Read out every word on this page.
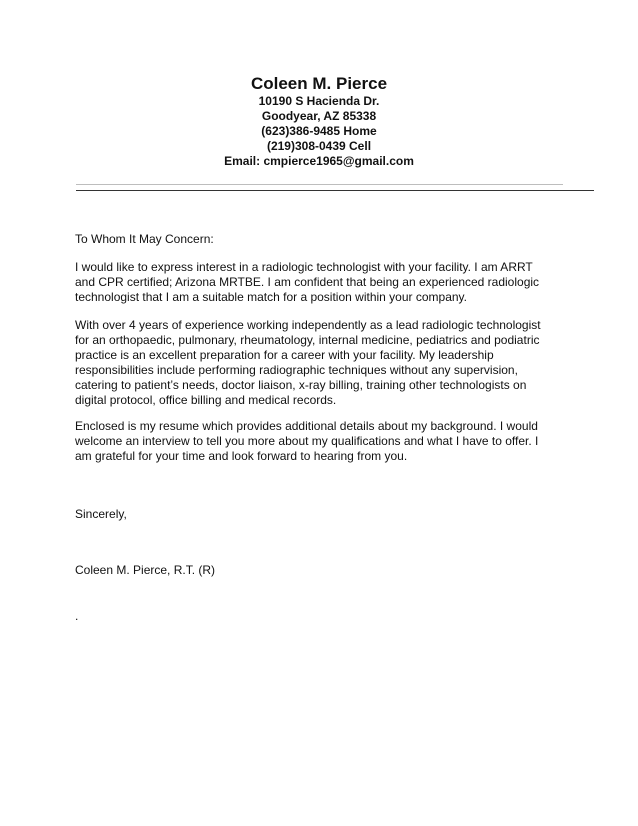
Coleen M. Pierce
10190 S Hacienda Dr.
Goodyear, AZ 85338
(623)386-9485 Home
(219)308-0439 Cell
Email: cmpierce1965@gmail.com

To Whom It May Concern:

I would like to express interest in a radiologic technologist with your facility. I am ARRT
and CPR certified; Arizona MRTBE. I am confident that being an experienced radiologic
technologist that I am a suitable match for a position within your company.

With over 4 years of experience working independently as a lead radiologic technologist
for an orthopaedic, pulmonary, rheumatology, internal medicine, pediatrics and podiatric
practice is an excellent preparation for a career with your facility. My leadership
responsibilities include performing radiographic techniques without any supervision,
catering to patient’s needs, doctor liaison, x-ray billing, training other technologists on
digital protocol, office billing and medical records.

Enclosed is my resume which provides additional details about my background. I would
welcome an interview to tell you more about my qualifications and what I have to offer. I
am grateful for your time and look forward to hearing from you.

Sincerely,

Coleen M. Pierce, R.T. (R)

.
